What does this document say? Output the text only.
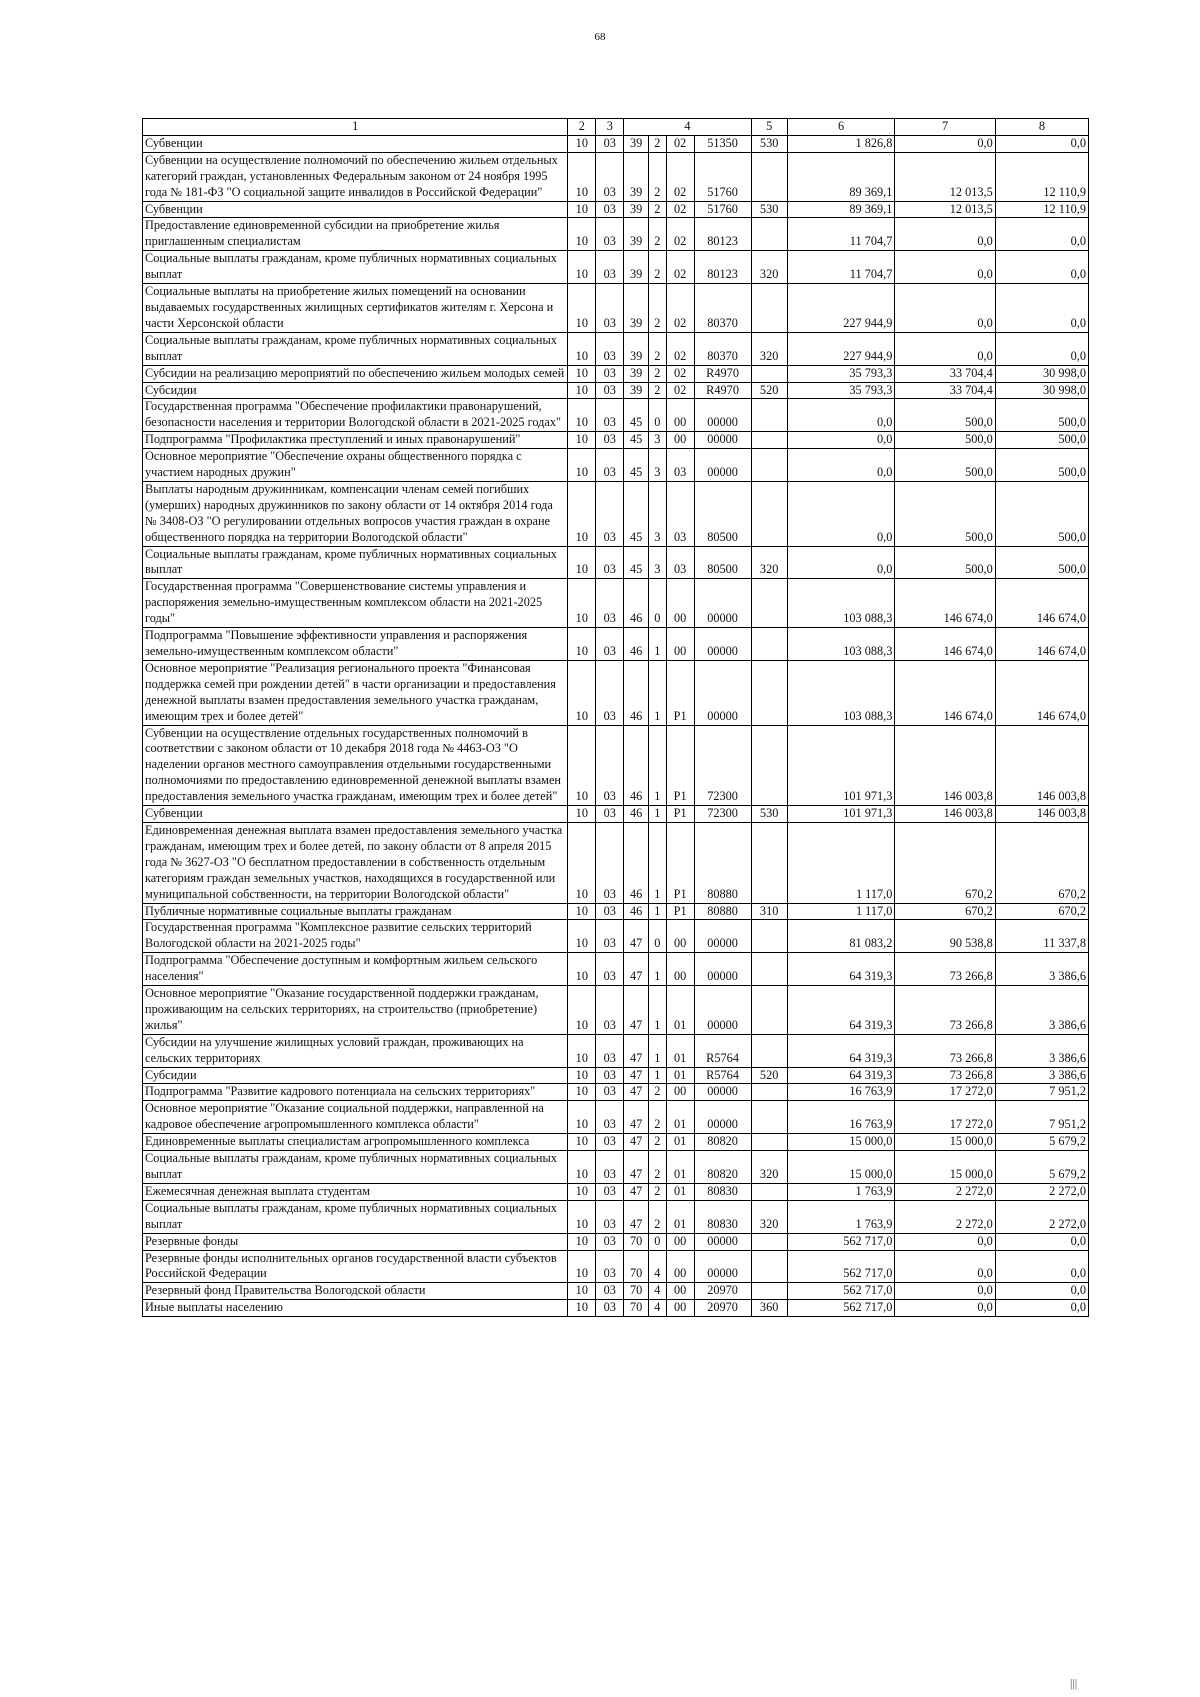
68
1	2	3	4				5	6	7	8
Субвенции	10	03	39	2	02	51350	530	1 826,8	0,0	0,0
Субвенции на осуществление полномочий по обеспечению жильем отдельных категорий граждан, установленных Федеральным законом от 24 ноября 1995 года № 181-ФЗ "О социальной защите инвалидов в Российской Федерации"	10	03	39	2	02	51760		89 369,1	12 013,5	12 110,9
Субвенции	10	03	39	2	02	51760	530	89 369,1	12 013,5	12 110,9
Предоставление единовременной субсидии на приобретение жилья приглашенным специалистам	10	03	39	2	02	80123		11 704,7	0,0	0,0
Социальные выплаты гражданам, кроме публичных нормативных социальных выплат	10	03	39	2	02	80123	320	11 704,7	0,0	0,0
Социальные выплаты на приобретение жилых помещений на основании выдаваемых государственных жилищных сертификатов жителям г. Херсона и части Херсонской области	10	03	39	2	02	80370		227 944,9	0,0	0,0
Социальные выплаты гражданам, кроме публичных нормативных социальных выплат	10	03	39	2	02	80370	320	227 944,9	0,0	0,0
Субсидии на реализацию мероприятий по обеспечению жильем молодых семей	10	03	39	2	02	R4970		35 793,3	33 704,4	30 998,0
Субсидии	10	03	39	2	02	R4970	520	35 793,3	33 704,4	30 998,0
Государственная программа "Обеспечение профилактики правонарушений, безопасности населения и территории Вологодской области в 2021-2025 годах"	10	03	45	0	00	00000		0,0	500,0	500,0
Подпрограмма "Профилактика преступлений и иных правонарушений"	10	03	45	3	00	00000		0,0	500,0	500,0
Основное мероприятие "Обеспечение охраны общественного порядка с участием народных дружин"	10	03	45	3	03	00000		0,0	500,0	500,0
Выплаты народным дружинникам, компенсации членам семей погибших (умерших) народных дружинников по закону области от 14 октября 2014 года № 3408-ОЗ "О регулировании отдельных вопросов участия граждан в охране общественного порядка на территории Вологодской области"	10	03	45	3	03	80500		0,0	500,0	500,0
Социальные выплаты гражданам, кроме публичных нормативных социальных выплат	10	03	45	3	03	80500	320	0,0	500,0	500,0
Государственная программа "Совершенствование системы управления и распоряжения земельно-имущественным комплексом области на 2021-2025 годы"	10	03	46	0	00	00000		103 088,3	146 674,0	146 674,0
Подпрограмма "Повышение эффективности управления и распоряжения земельно-имущественным комплексом области"	10	03	46	1	00	00000		103 088,3	146 674,0	146 674,0
Основное мероприятие "Реализация регионального проекта "Финансовая поддержка семей при рождении детей" в части организации и предоставления денежной выплаты взамен предоставления земельного участка гражданам, имеющим трех и более детей"	10	03	46	1	P1	00000		103 088,3	146 674,0	146 674,0
Субвенции на осуществление отдельных государственных полномочий в соответствии с законом области от 10 декабря 2018 года № 4463-ОЗ "О наделении органов местного самоуправления отдельными государственными полномочиями по предоставлению единовременной денежной выплаты взамен предоставления земельного участка гражданам, имеющим трех и более детей"	10	03	46	1	P1	72300		101 971,3	146 003,8	146 003,8
Субвенции	10	03	46	1	P1	72300	530	101 971,3	146 003,8	146 003,8
Единовременная денежная выплата взамен предоставления земельного участка гражданам, имеющим трех и более детей, по закону области от 8 апреля 2015 года № 3627-ОЗ "О бесплатном предоставлении в собственность отдельным категориям граждан земельных участков, находящихся в государственной или муниципальной собственности, на территории Вологодской области"	10	03	46	1	P1	80880		1 117,0	670,2	670,2
Публичные нормативные социальные выплаты гражданам	10	03	46	1	P1	80880	310	1 117,0	670,2	670,2
Государственная программа "Комплексное развитие сельских территорий Вологодской области на 2021-2025 годы"	10	03	47	0	00	00000		81 083,2	90 538,8	11 337,8
Подпрограмма "Обеспечение доступным и комфортным жильем сельского населения"	10	03	47	1	00	00000		64 319,3	73 266,8	3 386,6
Основное мероприятие "Оказание государственной поддержки гражданам, проживающим на сельских территориях, на строительство (приобретение) жилья"	10	03	47	1	01	00000		64 319,3	73 266,8	3 386,6
Субсидии на улучшение жилищных условий граждан, проживающих на сельских территориях	10	03	47	1	01	R5764		64 319,3	73 266,8	3 386,6
Субсидии	10	03	47	1	01	R5764	520	64 319,3	73 266,8	3 386,6
Подпрограмма "Развитие кадрового потенциала на сельских территориях"	10	03	47	2	00	00000		16 763,9	17 272,0	7 951,2
Основное мероприятие "Оказание социальной поддержки, направленной на кадровое обеспечение агропромышленного комплекса области"	10	03	47	2	01	00000		16 763,9	17 272,0	7 951,2
Единовременные выплаты специалистам агропромышленного комплекса	10	03	47	2	01	80820		15 000,0	15 000,0	5 679,2
Социальные выплаты гражданам, кроме публичных нормативных социальных выплат	10	03	47	2	01	80820	320	15 000,0	15 000,0	5 679,2
Ежемесячная денежная выплата студентам	10	03	47	2	01	80830		1 763,9	2 272,0	2 272,0
Социальные выплаты гражданам, кроме публичных нормативных социальных выплат	10	03	47	2	01	80830	320	1 763,9	2 272,0	2 272,0
Резервные фонды	10	03	70	0	00	00000		562 717,0	0,0	0,0
Резервные фонды исполнительных органов государственной власти субъектов Российской Федерации	10	03	70	4	00	00000		562 717,0	0,0	0,0
Резервный фонд Правительства Вологодской области	10	03	70	4	00	20970		562 717,0	0,0	0,0
Иные выплаты населению	10	03	70	4	00	20970	360	562 717,0	0,0	0,0
|||
